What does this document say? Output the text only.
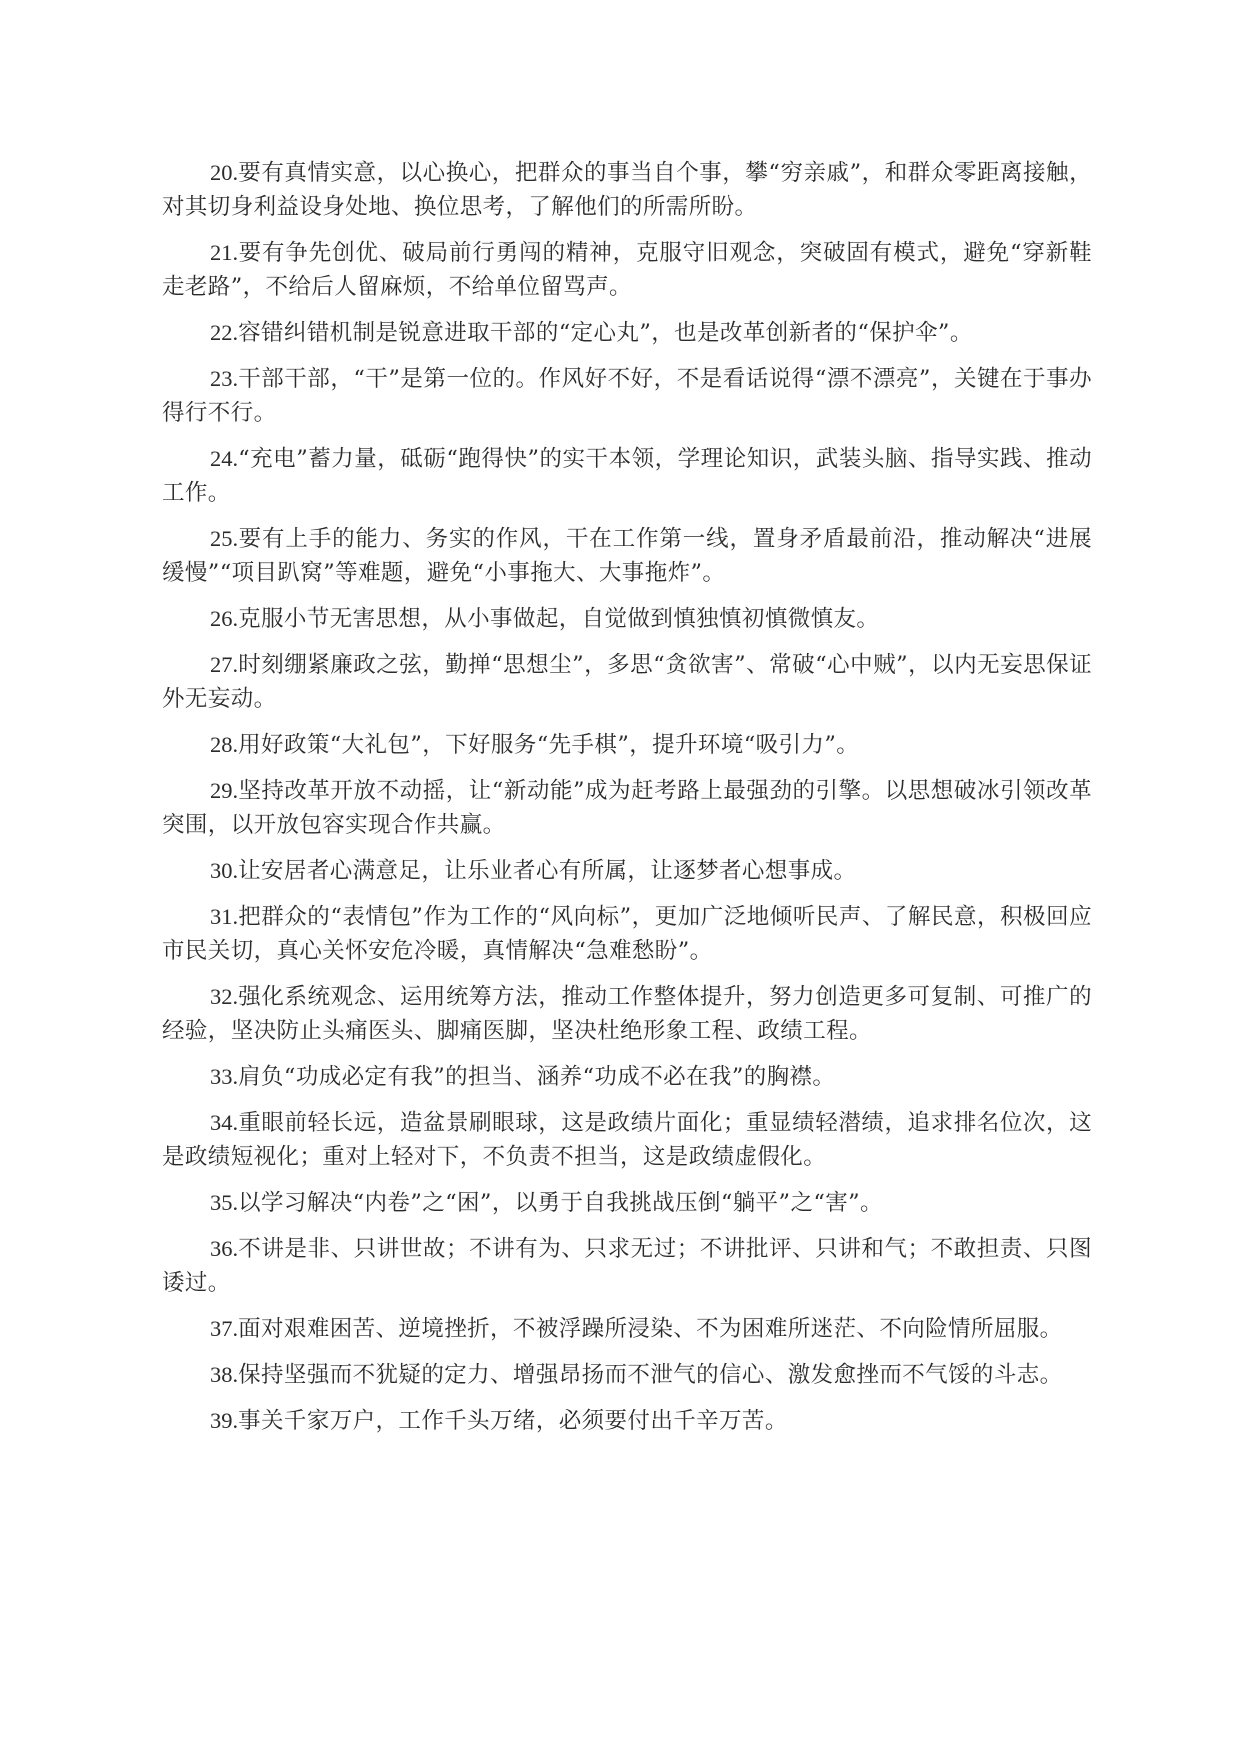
20.要有真情实意，以心换心，把群众的事当自个事，攀“穷亲戚”，和群众零距离接触，对其切身利益设身处地、换位思考，了解他们的所需所盼。

21.要有争先创优、破局前行勇闯的精神，克服守旧观念，突破固有模式，避免“穿新鞋走老路”，不给后人留麻烦，不给单位留骂声。

22.容错纠错机制是锐意进取干部的“定心丸”，也是改革创新者的“保护伞”。

23.干部干部，“干”是第一位的。作风好不好，不是看话说得“漂不漂亮”，关键在于事办得行不行。

24.“充电”蓄力量，砥砺“跑得快”的实干本领，学理论知识，武装头脑、指导实践、推动工作。

25.要有上手的能力、务实的作风，干在工作第一线，置身矛盾最前沿，推动解决“进展缓慢”“项目趴窝”等难题，避免“小事拖大、大事拖炸”。

26.克服小节无害思想，从小事做起，自觉做到慎独慎初慎微慎友。

27.时刻绷紧廉政之弦，勤掸“思想尘”，多思“贪欲害”、常破“心中贼”，以内无妄思保证外无妄动。

28.用好政策“大礼包”，下好服务“先手棋”，提升环境“吸引力”。

29.坚持改革开放不动摇，让“新动能”成为赶考路上最强劲的引擎。以思想破冰引领改革突围，以开放包容实现合作共赢。

30.让安居者心满意足，让乐业者心有所属，让逐梦者心想事成。

31.把群众的“表情包”作为工作的“风向标”，更加广泛地倾听民声、了解民意，积极回应市民关切，真心关怀安危冷暖，真情解决“急难愁盼”。

32.强化系统观念、运用统筹方法，推动工作整体提升，努力创造更多可复制、可推广的经验，坚决防止头痛医头、脚痛医脚，坚决杜绝形象工程、政绩工程。

33.肩负“功成必定有我”的担当、涵养“功成不必在我”的胸襟。

34.重眼前轻长远，造盆景刷眼球，这是政绩片面化；重显绩轻潜绩，追求排名位次，这是政绩短视化；重对上轻对下，不负责不担当，这是政绩虚假化。

35.以学习解决“内卷”之“困”，以勇于自我挑战压倒“躺平”之“害”。

36.不讲是非、只讲世故；不讲有为、只求无过；不讲批评、只讲和气；不敢担责、只图诿过。

37.面对艰难困苦、逆境挫折，不被浮躁所浸染、不为困难所迷茫、不向险情所屈服。

38.保持坚强而不犹疑的定力、增强昂扬而不泄气的信心、激发愈挫而不气馁的斗志。

39.事关千家万户，工作千头万绪，必须要付出千辛万苦。
